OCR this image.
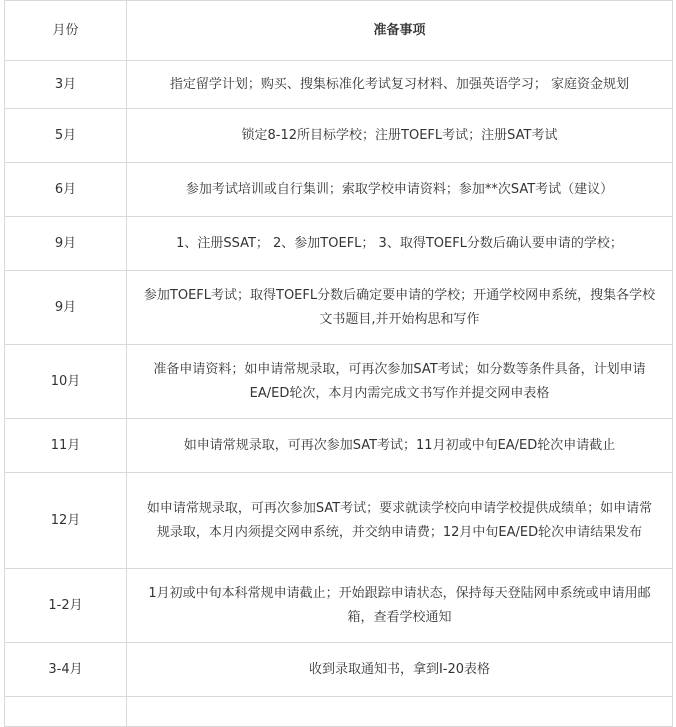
月份	准备事项
3月	指定留学计划；购买、搜集标准化考试复习材料、加强英语学习； 家庭资金规划
5月	锁定8-12所目标学校；注册TOEFL考试；注册SAT考试
6月	参加考试培训或自行集训；索取学校申请资料；参加**次SAT考试（建议）
9月	1、注册SSAT； 2、参加TOEFL； 3、取得TOEFL分数后确认要申请的学校；
9月	参加TOEFL考试；取得TOEFL分数后确定要申请的学校；开通学校网申系统，搜集各学校文书题目,并开始构思和写作
10月	准备申请资料；如申请常规录取，可再次参加SAT考试；如分数等条件具备，计划申请EA/ED轮次，本月内需完成文书写作并提交网申表格
11月	如申请常规录取，可再次参加SAT考试；11月初或中旬EA/ED轮次申请截止
12月	如申请常规录取，可再次参加SAT考试；要求就读学校向申请学校提供成绩单；如申请常规录取，本月内须提交网申系统，并交纳申请费；12月中旬EA/ED轮次申请结果发布
1-2月	1月初或中旬本科常规申请截止；开始跟踪申请状态，保持每天登陆网申系统或申请用邮箱，查看学校通知
3-4月	收到录取通知书，拿到I-20表格
